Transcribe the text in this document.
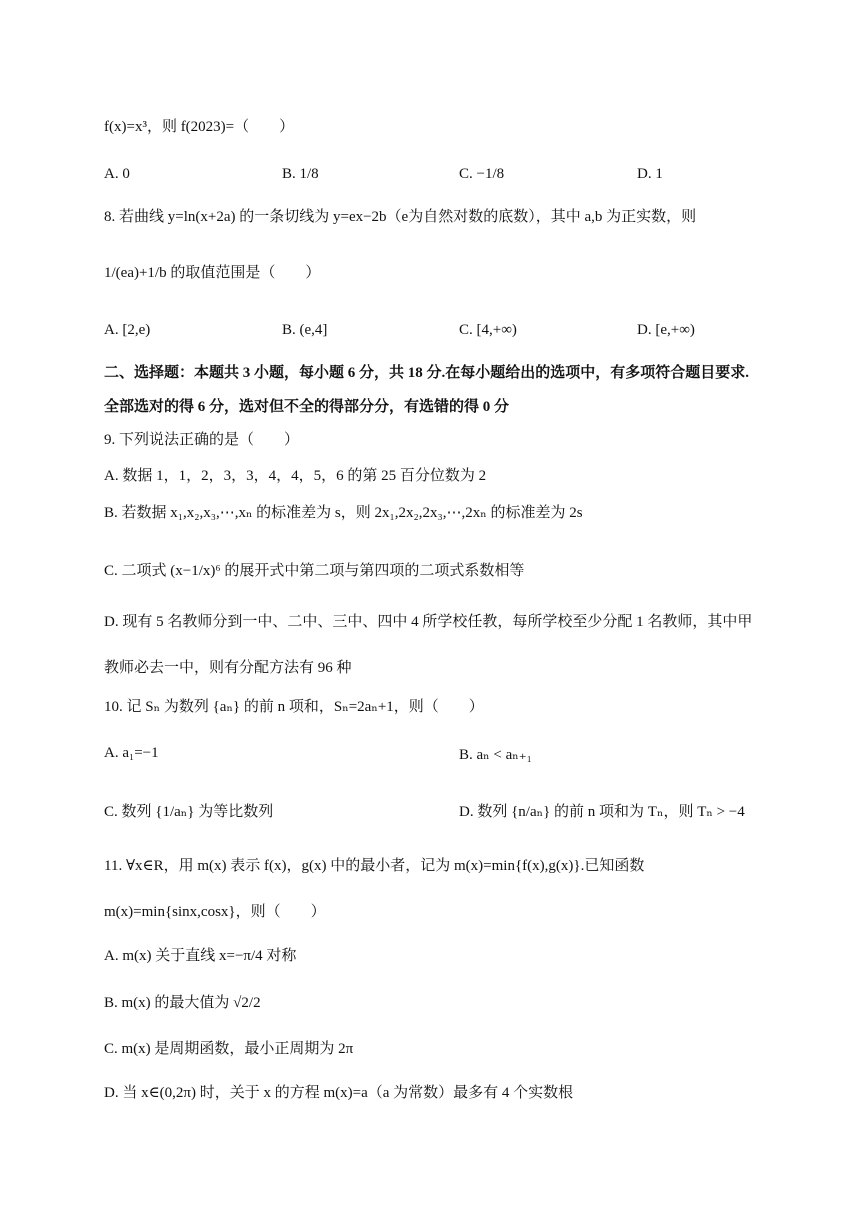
f(x)=x³，则 f(2023)=（　　）
A. 0	B. 1/8	C. −1/8	D. 1
8. 若曲线 y=ln(x+2a) 的一条切线为 y=ex−2b（e为自然对数的底数），其中 a,b 为正实数，则
1/(ea)+1/b 的取值范围是（　　）
A. [2,e)	B. (e,4]	C. [4,+∞)	D. [e,+∞)
二、选择题：本题共 3 小题，每小题 6 分，共 18 分.在每小题给出的选项中，有多项符合题目要求.
全部选对的得 6 分，选对但不全的得部分分，有选错的得 0 分
9. 下列说法正确的是（　　）
A. 数据 1，1，2，3，3，4，4，5，6 的第 25 百分位数为 2
B. 若数据 x₁,x₂,x₃,⋯,xₙ 的标准差为 s，则 2x₁,2x₂,2x₃,⋯,2xₙ 的标准差为 2s
C. 二项式 (x−1/x)⁶ 的展开式中第二项与第四项的二项式系数相等
D. 现有 5 名教师分到一中、二中、三中、四中 4 所学校任教，每所学校至少分配 1 名教师，其中甲
教师必去一中，则有分配方法有 96 种
10. 记 Sₙ 为数列 {aₙ} 的前 n 项和，Sₙ=2aₙ+1，则（　　）
A. a₁=−1	B. aₙ < aₙ₊₁
C. 数列 {1/aₙ} 为等比数列	D. 数列 {n/aₙ} 的前 n 项和为 Tₙ，则 Tₙ > −4
11. ∀x∈R，用 m(x) 表示 f(x)，g(x) 中的最小者，记为 m(x)=min{f(x),g(x)}.已知函数
m(x)=min{sinx,cosx}，则（　　）
A. m(x) 关于直线 x=−π/4 对称
B. m(x) 的最大值为 √2/2
C. m(x) 是周期函数，最小正周期为 2π
D. 当 x∈(0,2π) 时，关于 x 的方程 m(x)=a（a 为常数）最多有 4 个实数根
